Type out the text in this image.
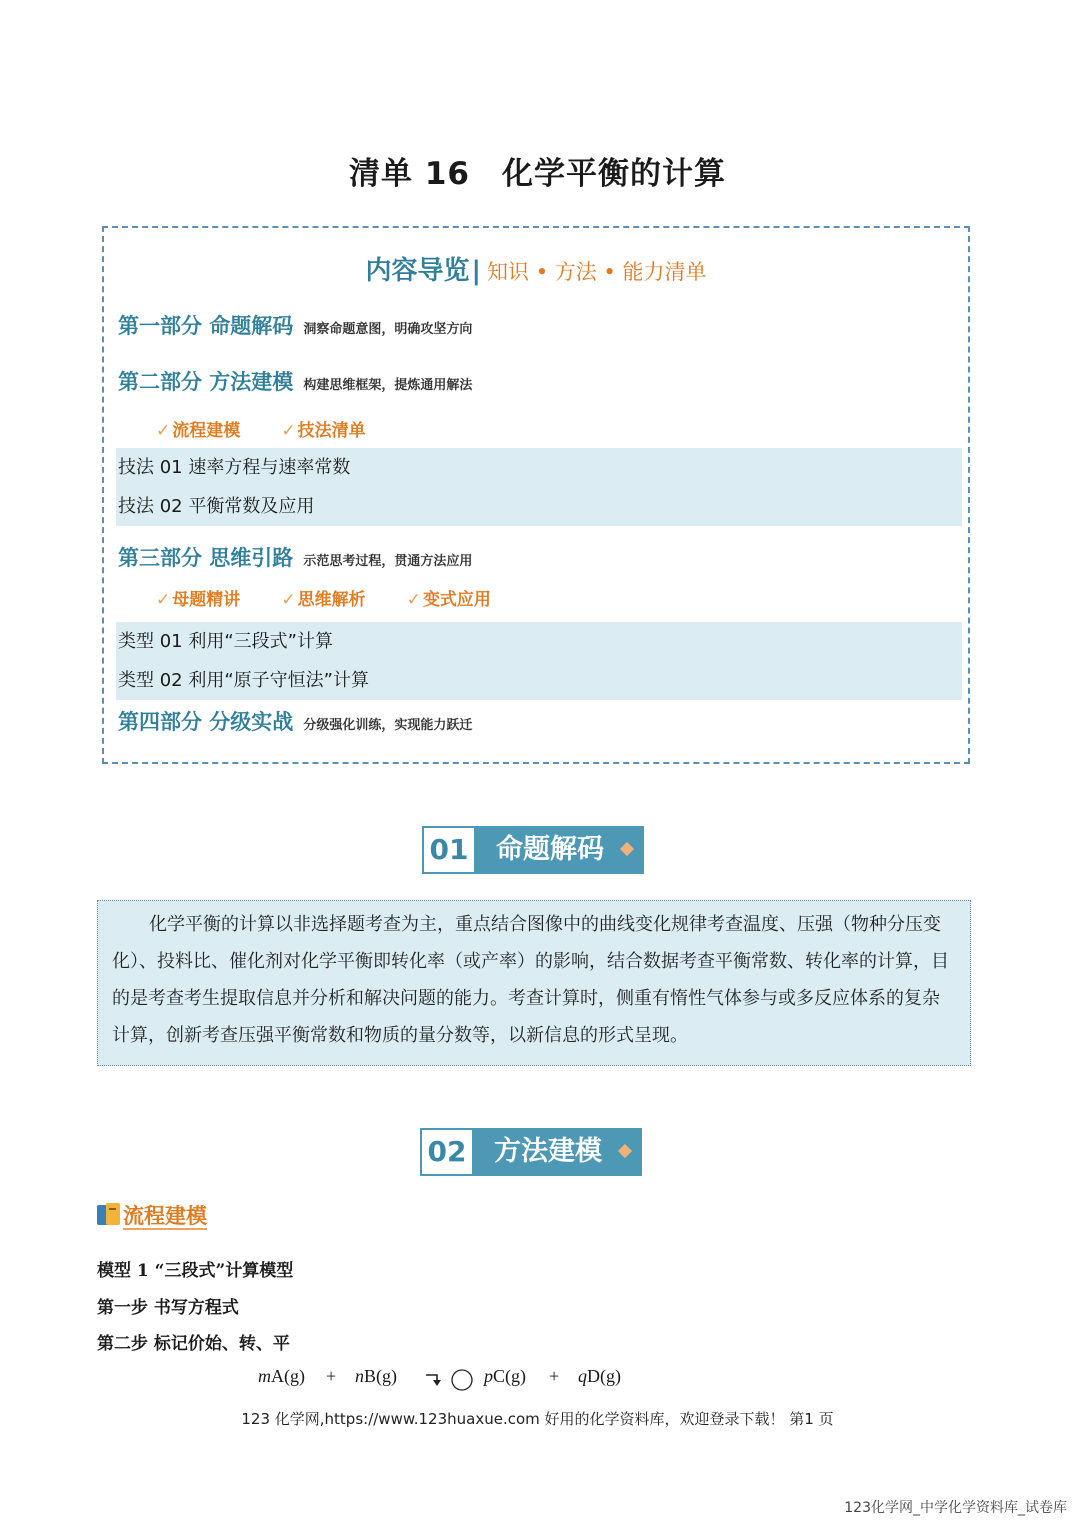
清单 16　化学平衡的计算
内容导览| 知识 • 方法 • 能力清单
第一部分 命题解码 洞察命题意图，明确攻坚方向
第二部分 方法建模 构建思维框架，提炼通用解法
✓ 流程建模 ✓ 技法清单
技法 01 速率方程与速率常数
技法 02 平衡常数及应用
第三部分 思维引路 示范思考过程，贯通方法应用
✓ 母题精讲 ✓ 思维解析 ✓ 变式应用
类型 01 利用“三段式”计算
类型 02 利用“原子守恒法”计算
第四部分 分级实战 分级强化训练，实现能力跃迁
01	命题解码

化学平衡的计算以非选择题考查为主，重点结合图像中的曲线变化规律考查温度、压强（物种分压变化）、投料比、催化剂对化学平衡即转化率（或产率）的影响，结合数据考查平衡常数、转化率的计算，目的是考查考生提取信息并分析和解决问题的能力。考查计算时，侧重有惰性气体参与或多反应体系的复杂计算，创新考查压强平衡常数和物质的量分数等，以新信息的形式呈现。

02	方法建模
流程建模
模型 1 “三段式”计算模型
第一步 书写方程式
第二步 标记价始、转、平
mA(g) + nB(g)	pC(g) + qD(g)
123 化学网,https://www.123huaxue.com 好用的化学资料库，欢迎登录下载！ 第1 页
123化学网_中学化学资料库_试卷库
